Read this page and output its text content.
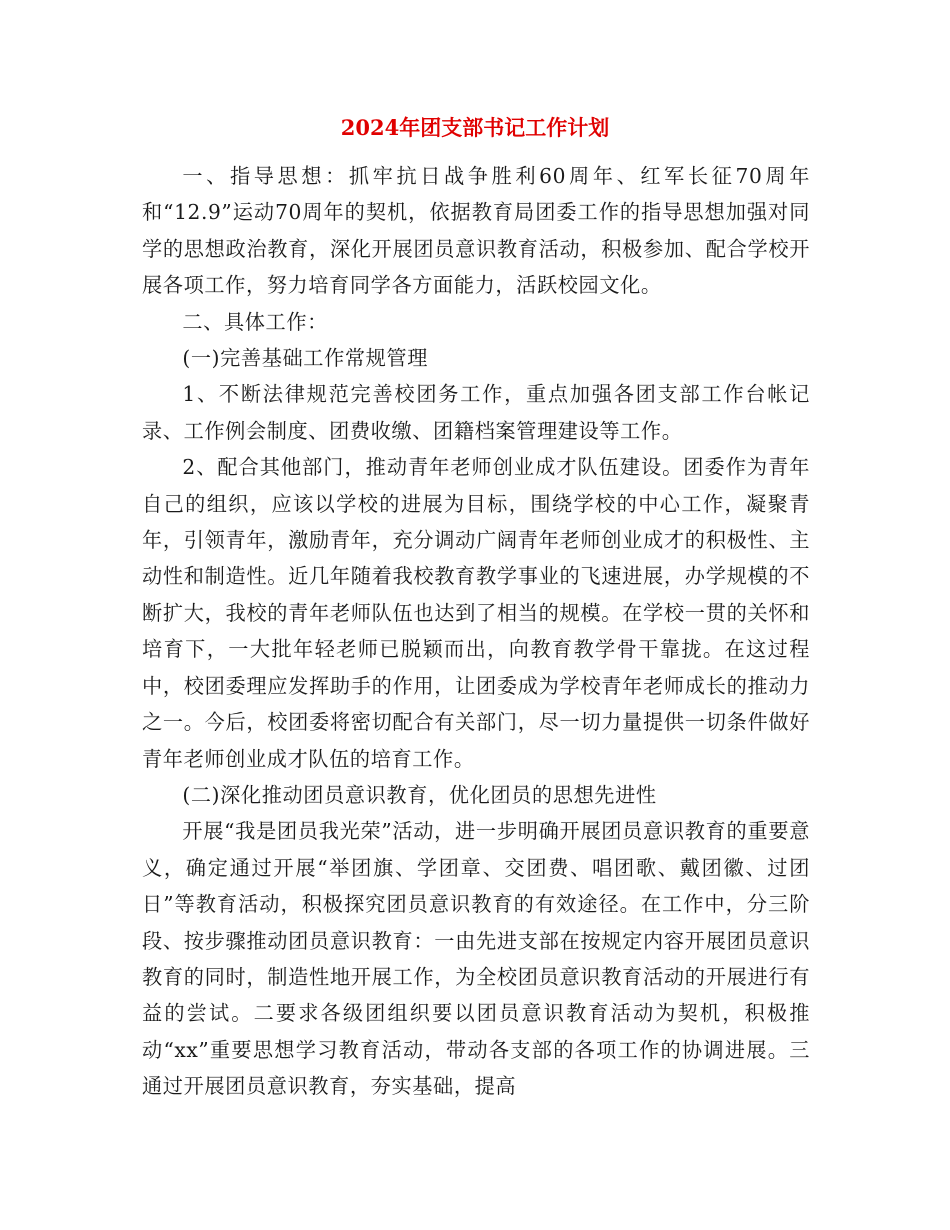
2024年团支部书记工作计划

一、指导思想：抓牢抗日战争胜利60周年、红军长征70周年和“12.9”运动70周年的契机，依据教育局团委工作的指导思想加强对同学的思想政治教育，深化开展团员意识教育活动，积极参加、配合学校开展各项工作，努力培育同学各方面能力，活跃校园文化。

二、具体工作：

(一)完善基础工作常规管理

1、不断法律规范完善校团务工作，重点加强各团支部工作台帐记录、工作例会制度、团费收缴、团籍档案管理建设等工作。

2、配合其他部门，推动青年老师创业成才队伍建设。团委作为青年自己的组织，应该以学校的进展为目标，围绕学校的中心工作，凝聚青年，引领青年，激励青年，充分调动广阔青年老师创业成才的积极性、主动性和制造性。近几年随着我校教育教学事业的飞速进展，办学规模的不断扩大，我校的青年老师队伍也达到了相当的规模。在学校一贯的关怀和培育下，一大批年轻老师已脱颖而出，向教育教学骨干靠拢。在这过程中，校团委理应发挥助手的作用，让团委成为学校青年老师成长的推动力之一。今后，校团委将密切配合有关部门，尽一切力量提供一切条件做好青年老师创业成才队伍的培育工作。

(二)深化推动团员意识教育，优化团员的思想先进性

开展“我是团员我光荣”活动，进一步明确开展团员意识教育的重要意义，确定通过开展“举团旗、学团章、交团费、唱团歌、戴团徽、过团日”等教育活动，积极探究团员意识教育的有效途径。在工作中，分三阶段、按步骤推动团员意识教育：一由先进支部在按规定内容开展团员意识教育的同时，制造性地开展工作，为全校团员意识教育活动的开展进行有益的尝试。二要求各级团组织要以团员意识教育活动为契机，积极推动“xx”重要思想学习教育活动，带动各支部的各项工作的协调进展。三通过开展团员意识教育，夯实基础，提高
